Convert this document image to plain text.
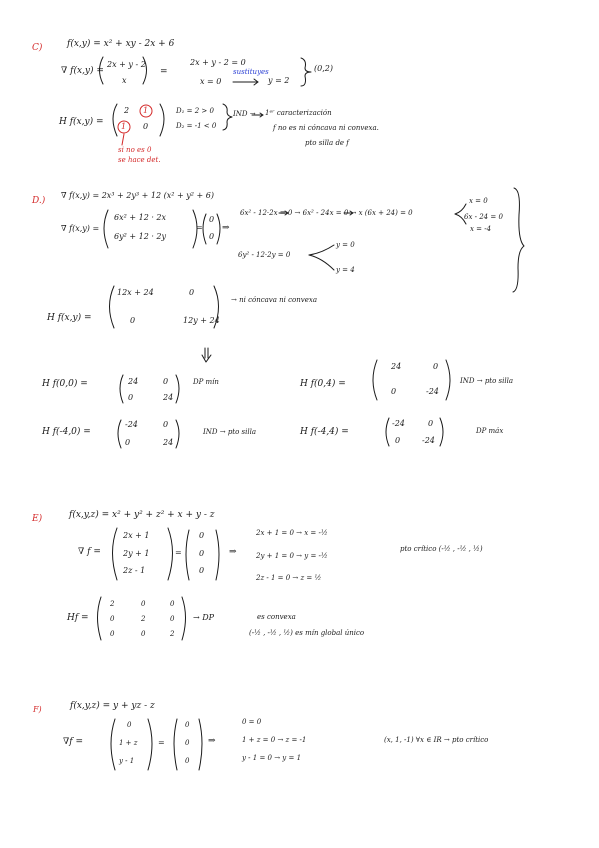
C)	f(x,y) = x² + xy - 2x + 6
∇ f(x,y) =
2x + y - 2
x
=
2x + y - 2 = 0
x = 0
sustituyes
y = 2
(0,2)
H f(x,y) =
2 1
1 0
D₁ = 2 > 0
D₂ = -1 < 0
IND → 1ᵉʳ caracterización
f no es ni cóncava ni convexa.
pto silla de f
si no es 0
se hace det.
D.)
∇ f(x,y) = 2x³ + 2y³ + 12 (x² + y² + 6)
∇ f(x,y) =
6x² + 12 · 2x
6y² + 12 · 2y
=
0
0
⇒
6x² - 12·2x = 0 → 6x² - 24x = 0 → x (6x + 24) = 0
x = 0
6x - 24 = 0
x = -4
6y² - 12·2y = 0
y = 0
y = 4
H f(x,y) =
12x + 24	0
0	12y + 24
→ ni cóncava ni convexa
H f(0,0) =	24	0
0	24
DP mín	H f(0,4) =
24	0
0	-24
IND → pto silla
H f(-4,0) =
-24	0
0	24
IND → pto silla	H f(-4,4) =
-24	0
0	-24
DP máx
E)	f(x,y,z) = x² + y² + z² + x + y - z
∇ f =
2x + 1
2y + 1
2z - 1
=
0
0
0
⇒
2x + 1 = 0 → x = -½
2y + 1 = 0 → y = -½
2z - 1 = 0 → z = ½
pto crítico (-½ , -½ , ½)
Hf =
2	0	0
0	2	0
0	0	2
→ DP	es convexa
(-½ , -½ , ½) es mín global único
F)	f(x,y,z) = y + yz - z
∇f =
0
1 + z
y - 1
=
0
0
0
⇒
0 = 0
1 + z = 0 → z = -1
y - 1 = 0 → y = 1
(x, 1, -1) ∀x ∈ IR → pto crítico
